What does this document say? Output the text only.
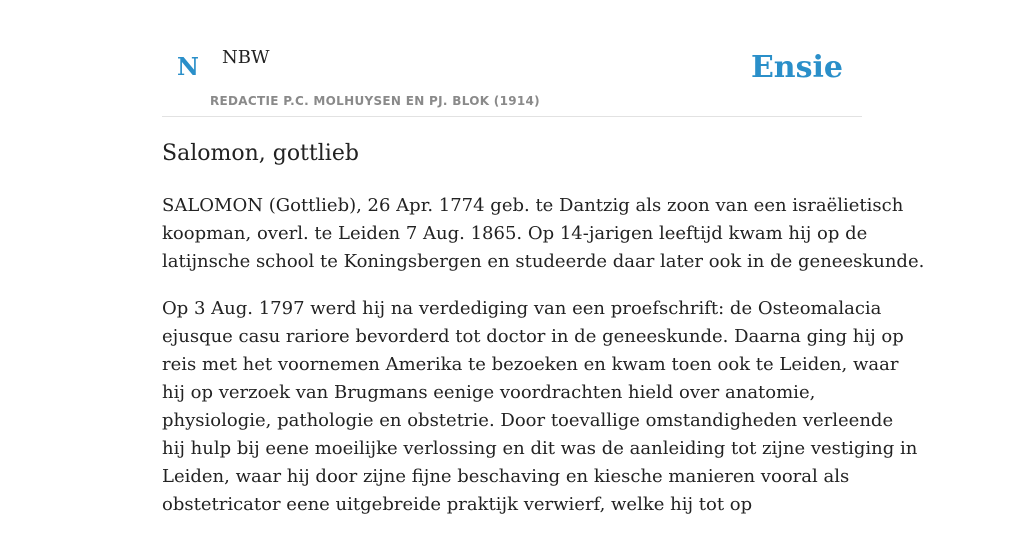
N NBW
REDACTIE P.C. MOLHUYSEN EN PJ. BLOK (1914)
Ensie
Salomon, gottlieb

SALOMON (Gottlieb), 26 Apr. 1774 geb. te Dantzig als zoon van een israëlietisch
koopman, overl. te Leiden 7 Aug. 1865. Op 14-jarigen leeftijd kwam hij op de
latijnsche school te Koningsbergen en studeerde daar later ook in de geneeskunde.

Op 3 Aug. 1797 werd hij na verdediging van een proefschrift: de Osteomalacia
ejusque casu rariore bevorderd tot doctor in de geneeskunde. Daarna ging hij op
reis met het voornemen Amerika te bezoeken en kwam toen ook te Leiden, waar
hij op verzoek van Brugmans eenige voordrachten hield over anatomie,
physiologie, pathologie en obstetrie. Door toevallige omstandigheden verleende
hij hulp bij eene moeilijke verlossing en dit was de aanleiding tot zijne vestiging in
Leiden, waar hij door zijne fijne beschaving en kiesche manieren vooral als
obstetricator eene uitgebreide praktijk verwierf, welke hij tot op
